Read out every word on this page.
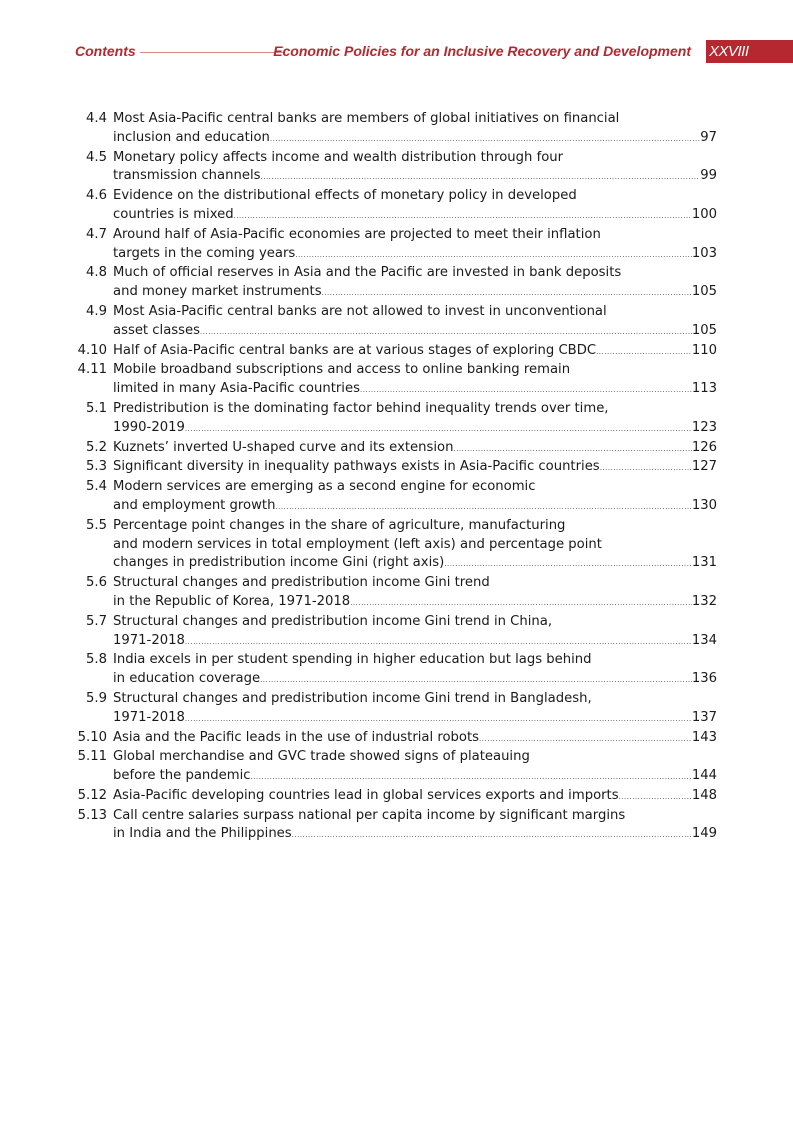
Contents	Economic Policies for an Inclusive Recovery and Development XXVIII
4.4 Most Asia-Pacific central banks are members of global initiatives on financial
inclusion and education .....	97
4.5 Monetary policy affects income and wealth distribution through four
transmission channels .....	99
4.6 Evidence on the distributional effects of monetary policy in developed
countries is mixed .....	100
4.7 Around half of Asia-Pacific economies are projected to meet their inflation
targets in the coming years .....	103
4.8 Much of official reserves in Asia and the Pacific are invested in bank deposits
and money market instruments .....	105
4.9 Most Asia-Pacific central banks are not allowed to invest in unconventional
asset classes .....	105
4.10 Half of Asia-Pacific central banks are at various stages of exploring CBDC .....	110
4.11 Mobile broadband subscriptions and access to online banking remain
limited in many Asia-Pacific countries .....	113
5.1 Predistribution is the dominating factor behind inequality trends over time,
1990-2019 .....	123
5.2 Kuznets’ inverted U-shaped curve and its extension .....	126
5.3 Significant diversity in inequality pathways exists in Asia-Pacific countries .....	127
5.4 Modern services are emerging as a second engine for economic
and employment growth .....	130
5.5 Percentage point changes in the share of agriculture, manufacturing
and modern services in total employment (left axis) and percentage point
changes in predistribution income Gini (right axis) .....	131
5.6 Structural changes and predistribution income Gini trend
in the Republic of Korea, 1971-2018 .....	132
5.7 Structural changes and predistribution income Gini trend in China,
1971-2018 .....	134
5.8 India excels in per student spending in higher education but lags behind
in education coverage .....	136
5.9 Structural changes and predistribution income Gini trend in Bangladesh,
1971-2018 .....	137
5.10 Asia and the Pacific leads in the use of industrial robots .....	143
5.11 Global merchandise and GVC trade showed signs of plateauing
before the pandemic .....	144
5.12 Asia-Pacific developing countries lead in global services exports and imports .....	148
5.13 Call centre salaries surpass national per capita income by significant margins
in India and the Philippines .....	149
